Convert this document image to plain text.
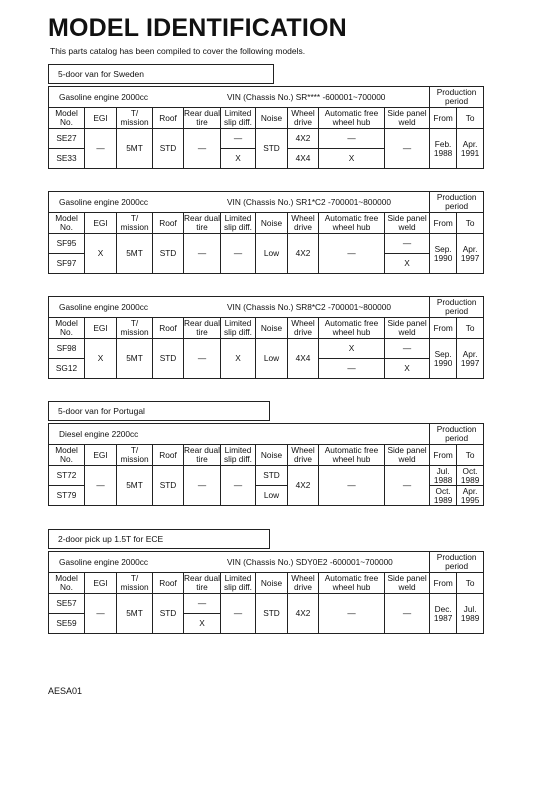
MODEL IDENTIFICATION
This parts catalog has been compiled to cover the following models.
5-door van for Sweden
Gasoline engine 2000cc VIN (Chassis No.) SR**** -600001~700000										Production period	
Model No.	EGI	T/ mission	Roof	Rear dual tire	Limited slip diff.	Noise	Wheel drive	Automatic free wheel hub	Side panel weld	From	To
SE27	—	5MT	STD	—	—	STD	4X2	—	—	Feb. 1988	Apr. 1991
SE33					X		4X4	X			
Gasoline engine 2000cc VIN (Chassis No.) SR1*C2 -700001~800000										Production period	
Model No.	EGI	T/ mission	Roof	Rear dual tire	Limited slip diff.	Noise	Wheel drive	Automatic free wheel hub	Side panel weld	From	To
SF95	X	5MT	STD	—	—	Low	4X2	—	—	Sep. 1990	Apr. 1997
SF97									X		
Gasoline engine 2000cc VIN (Chassis No.) SR8*C2 -700001~800000										Production period	
Model No.	EGI	T/ mission	Roof	Rear dual tire	Limited slip diff.	Noise	Wheel drive	Automatic free wheel hub	Side panel weld	From	To
SF98	X	5MT	STD	—	X	Low	4X4	X	—	Sep. 1990	Apr. 1997
SG12								—	X		
5-door van for Portugal
Diesel engine 2200cc										Production period	
Model No.	EGI	T/ mission	Roof	Rear dual tire	Limited slip diff.	Noise	Wheel drive	Automatic free wheel hub	Side panel weld	From	To
ST72	—	5MT	STD	—	—	STD	4X2	—	—	Jul. 1988	Oct. 1989
ST79						Low				Oct. 1989	Apr. 1995
2-door pick up 1.5T for ECE
Gasoline engine 2000cc VIN (Chassis No.) SDY0E2 -600001~700000										Production period	
Model No.	EGI	T/ mission	Roof	Rear dual tire	Limited slip diff.	Noise	Wheel drive	Automatic free wheel hub	Side panel weld	From	To
SE57	—	5MT	STD	—	—	STD	4X2	—	—	Dec. 1987	Jul. 1989
SE59				X							
AESA01
